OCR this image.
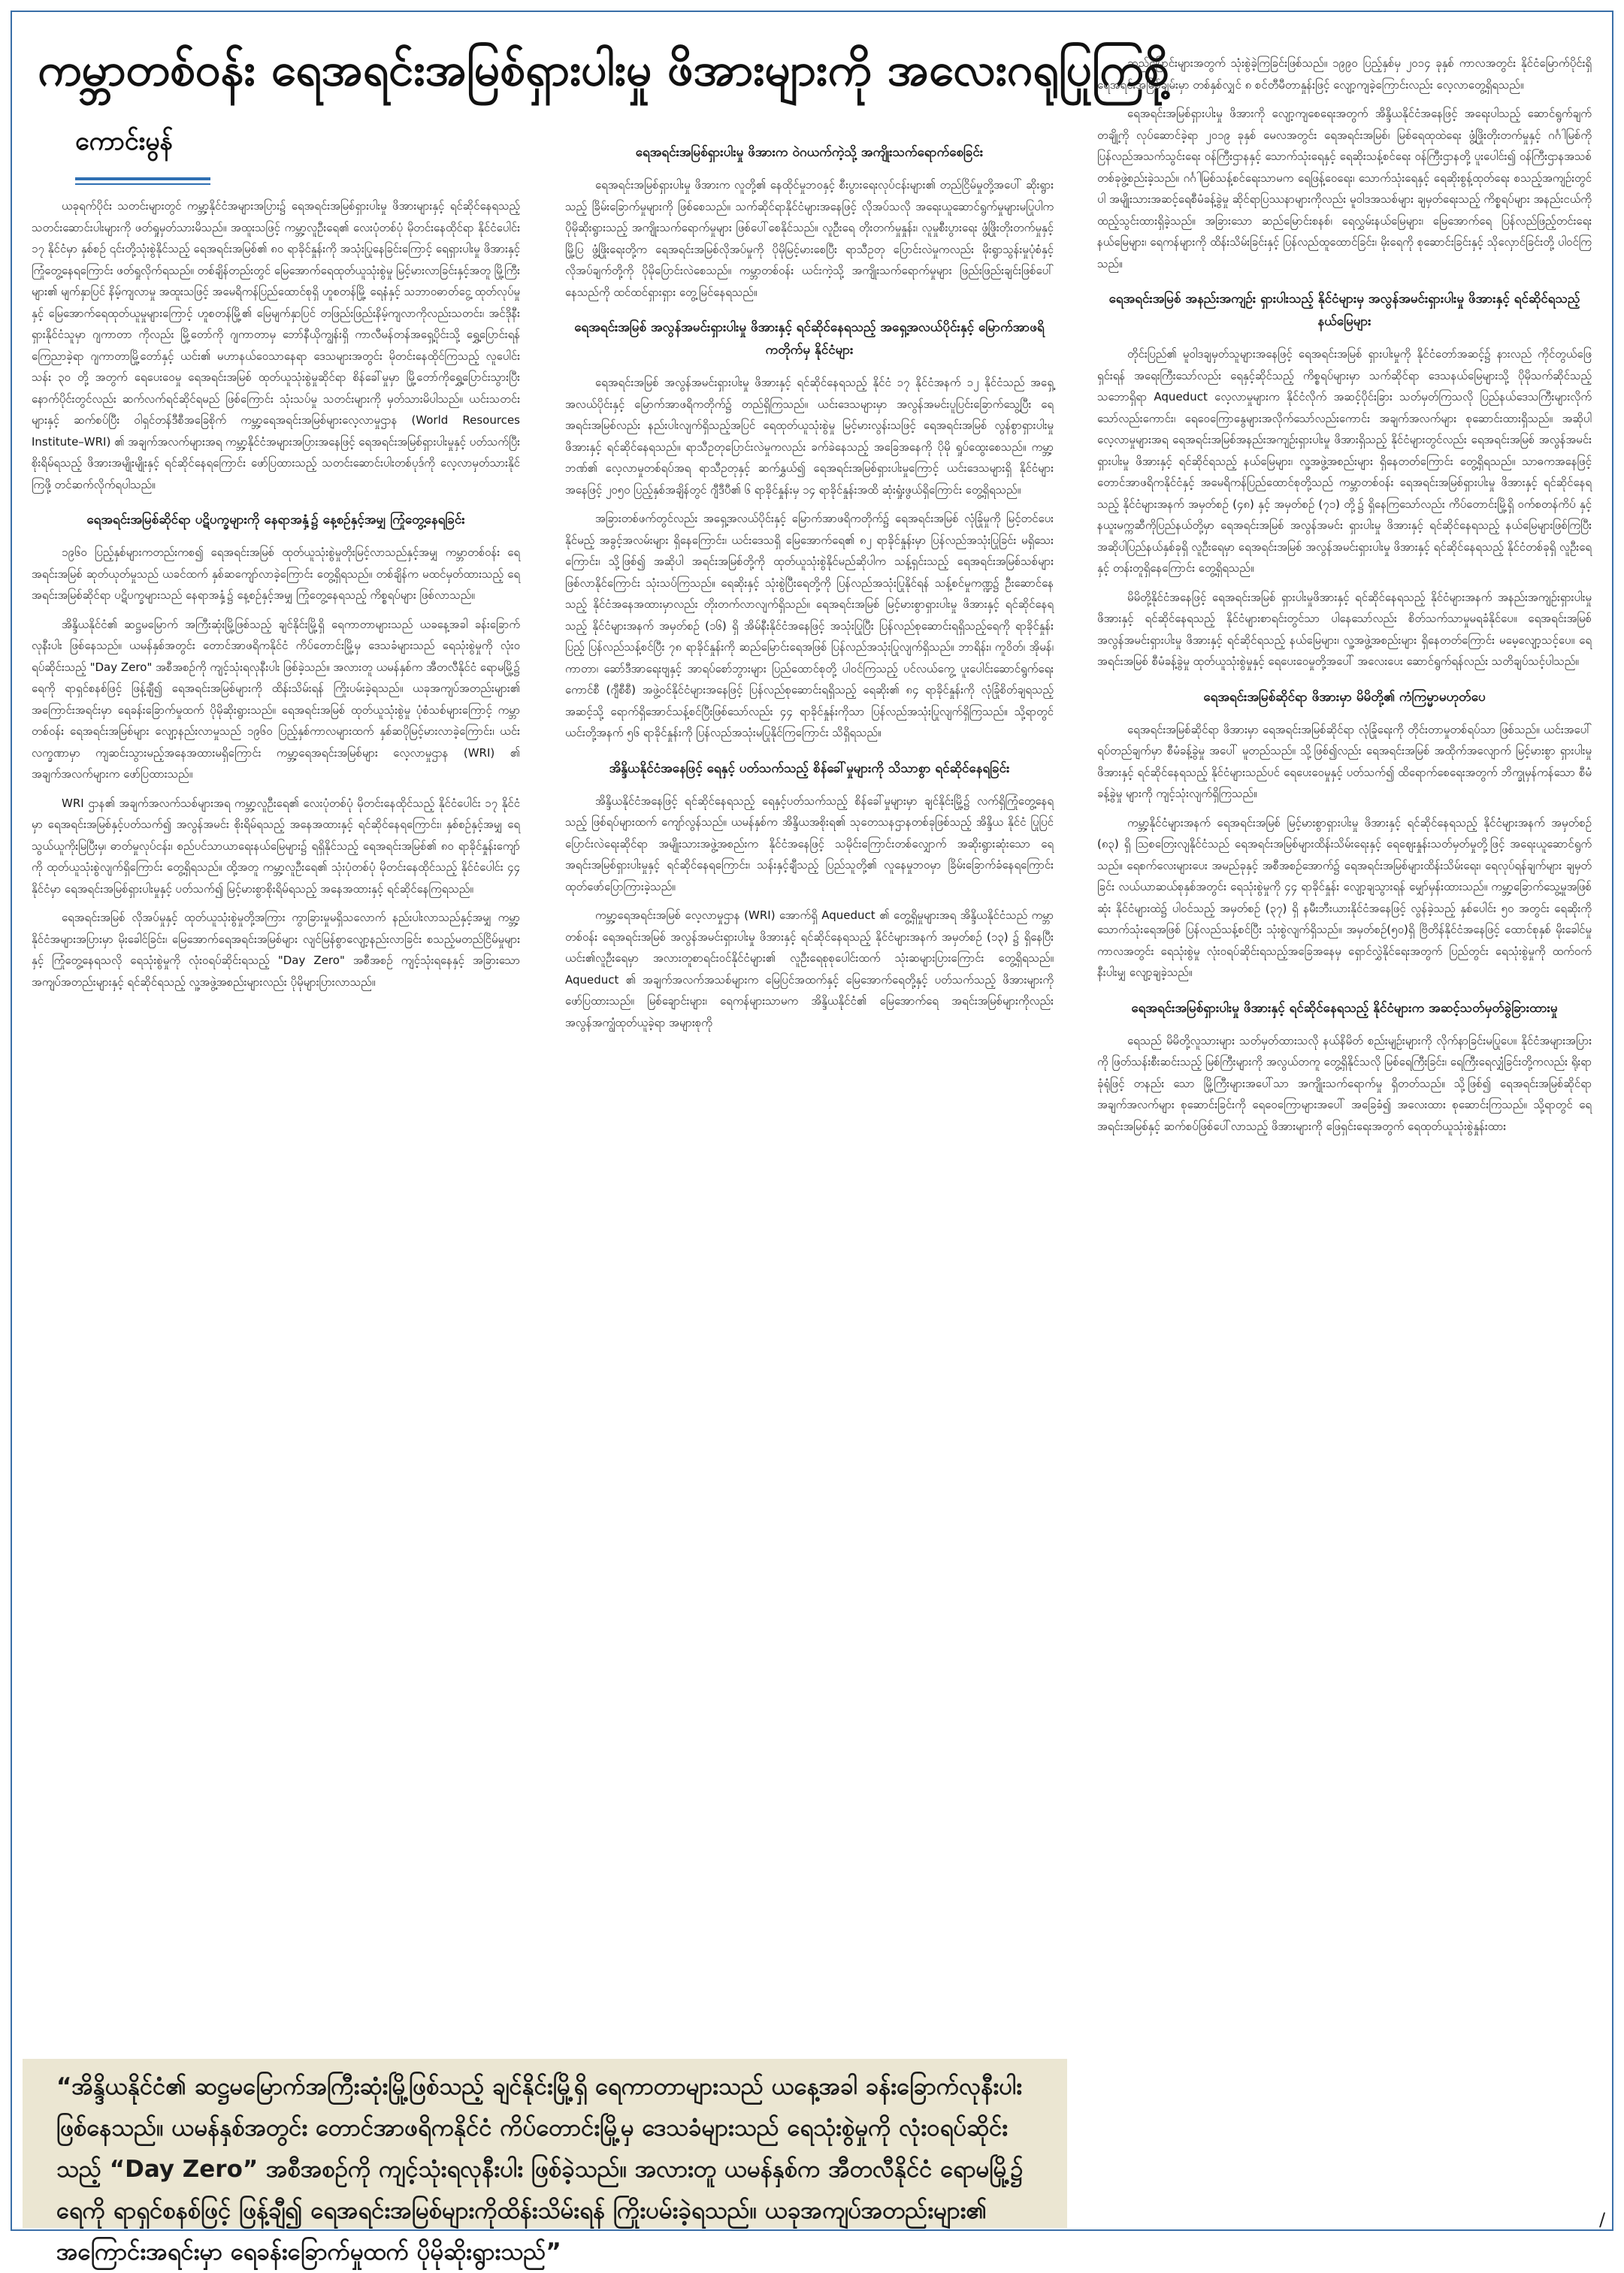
ကမ္ဘာတစ်ဝန်း ရေအရင်းအမြစ်ရှားပါးမှု ဖိအားများကို အလေးဂရုပြုကြစို့
ကောင်းမွန်

ယခုရက်ပိုင်း သတင်းများတွင် ကမ္ဘာ့နိုင်ငံအများအပြား၌ ရေအရင်းအမြစ်ရှားပါးမှု ဖိအားများနှင့် ရင်ဆိုင်နေရသည့် သတင်းဆောင်းပါးများကို ဖတ်ရှုမှတ်သားမိသည်။ အထူးသဖြင့် ကမ္ဘာ့လူဦးရေ၏ လေးပုံတစ်ပုံ မိုတင်းနေထိုင်ရာ နိုင်ငံပေါင်း ၁၇ နိုင်ငံမှာ နှစ်စဉ် ၎င်းတို့သုံးစွဲနိုင်သည့် ရေအရင်းအမြစ်၏ ၈၀ ရာခိုင်နှုန်းကို အသုံးပြုနေခြင်းကြောင့် ရေရှားပါးမှု ဖိအားနှင့် ကြုံတွေ့နေရကြောင်း ဖတ်ရှုလိုက်ရသည်။ တစ်ချိန်တည်းတွင် မြေအောက်ရေထုတ်ယူသုံးစွဲမှု မြင့်မားလာခြင်းနှင့်အတူ မြို့ကြီးများ၏ မျက်နှာပြင် နိမ့်ကျလာမှု အထူးသဖြင့် အမေရိကန်ပြည်ထောင်စုရှိ ဟူစတန်မြို့ ရေနံနှင့် သဘာဝဓာတ်ငွေ့ ထုတ်လုပ်မှုနှင့် မြေအောက်ရေထုတ်ယူမှုများကြောင့် ဟူစတန်မြို့၏ မြေမျက်နှာပြင် တဖြည်းဖြည်းနိမ့်ကျလာကိုလည်းသတင်း၊ အင်ဒိုနီးရှားနိုင်ငံသူမှာ ဂျကာတာ ကိုလည်း မြို့တော်ကို ဂျကာတာမှ ဘော်နီယိုကျွန်းရှိ ကာလီမန်တန်အရှေ့ပိုင်းသို့ ရွှေ့ပြောင်းရန် ကြေညာခဲ့ရာ ဂျကာတာမြို့တော်နှင့် ယင်း၏ မဟာနယ်ဝေသာနေရာ ဒေသများအတွင်း မိုတင်းနေထိုင်ကြသည့် လူပေါင်း သန်း ၃၀ တို့ အတွက် ရေပေးဝေမှု ရေအရင်းအမြစ် ထုတ်ယူသုံးစွဲမှုဆိုင်ရာ စိန်ခေါ်မှုမှာ မြို့တော်ကိုရွှေ့ပြောင်းသွားပြီး နောက်ပိုင်းတွင်လည်း ဆက်လက်ရင်ဆိုင်ရမည် ဖြစ်ကြောင်း သုံးသပ်မှု သတင်းများကို မှတ်သားမိပါသည်။ ယင်းသတင်းများနှင့် ဆက်စပ်ပြီး ဝါရှင်တန်ဒီစီအခြေစိုက် ကမ္ဘာ့ရေအရင်းအမြစ်များလေ့လာမှုဌာန (World Resources Institute–WRI) ၏ အချက်အလက်များအရ ကမ္ဘာ့နိုင်ငံအများအပြားအနေဖြင့် ရေအရင်းအမြစ်ရှားပါးမှုနှင့် ပတ်သက်ပြီး စိုးရိမ်ရသည့် ဖိအားအမျိုးမျိုးနှင့် ရင်ဆိုင်နေရကြောင်း ဖော်ပြထားသည့် သတင်းဆောင်းပါးတစ်ပုဒ်ကို လေ့လာမှတ်သားနိုင်ကြဖို့ တင်ဆက်လိုက်ရပါသည်။

ရေအရင်းအမြစ်ဆိုင်ရာ ပဋိပက္ခများကို နေရာအနှံ့၌ နေ့စဉ်နှင့်အမျှ ကြုံတွေ့နေရခြင်း

၁၉၆၀ ပြည့်နှစ်များကတည်းကစ၍ ရေအရင်းအမြစ် ထုတ်ယူသုံးစွဲမှုတိုးမြင့်လာသည်နှင့်အမျှ ကမ္ဘာတစ်ဝန်း ရေအရင်းအမြစ် ဆုတ်ယုတ်မှုသည် ယခင်ထက် နှစ်ဆကျော်လာခဲ့ကြောင်း တွေ့ရှိရသည်။ တစ်ချိန်က မထင်မှတ်ထားသည့် ရေအရင်းအမြစ်ဆိုင်ရာ ပဋိပက္ခများသည် နေရာအနှံ့၌ နေ့စဉ်နှင့်အမျှ ကြုံတွေ့နေရသည့် ကိစ္စရပ်များ ဖြစ်လာသည်။

အိန္ဒိယနိုင်ငံ၏ ဆဋ္ဌမမြောက် အကြီးဆုံးမြို့ဖြစ်သည့် ချင်နိုင်းမြို့ရှိ ရေကာတာများသည် ယခနေ့အခါ ခန်းခြောက်လုနီးပါး ဖြစ်နေသည်။ ယမန်နှစ်အတွင်း တောင်အာဖရိကနိုင်ငံ ကိပ်တောင်းမြို့မှ ဒေသခံများသည် ရေသုံးစွဲမှုကို လုံးဝရပ်ဆိုင်းသည့် "Day Zero" အစီအစဉ်ကို ကျင့်သုံးရလုနီးပါး ဖြစ်ခဲ့သည်။ အလားတူ ယမန်နှစ်က အီတလီနိုင်ငံ ရောမမြို့၌ ရေကို ရာရှင်စနစ်ဖြင့် ဖြန့်ချီ၍ ရေအရင်းအမြစ်များကို ထိန်းသိမ်းရန် ကြိုးပမ်းခဲ့ရသည်။ ယခုအကျပ်အတည်းများ၏ အကြောင်းအရင်းမှာ ရေခန်းခြောက်မှုထက် ပိုမိုဆိုးရွားသည်။ ရေအရင်းအမြစ် ထုတ်ယူသုံးစွဲမှု ပုံစံသစ်များကြောင့် ကမ္ဘာတစ်ဝန်း ရေအရင်းအမြစ်များ လျော့နည်းလာမှုသည် ၁၉၆၀ ပြည့်နှစ်ကာလများထက် နှစ်ဆပိုမြင့်မားလာခဲ့ကြောင်း၊ ယင်းလက္ခဏာမှာ ကျဆင်းသွားမည့်အနေအထားမရှိကြောင်း ကမ္ဘာ့ရေအရင်းအမြစ်များ လေ့လာမှုဌာန (WRI) ၏ အချက်အလက်များက ဖော်ပြထားသည်။

WRI ဌာန၏ အချက်အလက်သစ်များအရ ကမ္ဘာ့လူဦးရေ၏ လေးပုံတစ်ပုံ မိုတင်းနေထိုင်သည့် နိုင်ငံပေါင်း ၁၇ နိုင်ငံမှာ ရေအရင်းအမြစ်နှင့်ပတ်သက်၍ အလွန်အမင်း စိုးရိမ်ရသည့် အနေအထားနှင့် ရင်ဆိုင်နေရကြောင်း၊ နှစ်စဉ်နှင့်အမျှ ရေသွယ်ယူကိုးမြပြီးမှ၊ ဓာတ်မှုလုပ်ငန်း၊ စည်ပင်သာယာရေးနယ်မြေများ၌ ရရှိနိုင်သည့် ရေအရင်းအမြစ်၏ ၈၀ ရာခိုင်နှုန်းကျော်ကို ထုတ်ယူသုံးစွဲလျက်ရှိကြောင်း တွေ့ရှိရသည်။ ထို့အတူ ကမ္ဘာ့လူဦးရေ၏ သုံးပုံတစ်ပုံ မိုတင်းနေထိုင်သည့် နိုင်ငံပေါင်း ၄၄ နိုင်ငံမှာ ရေအရင်းအမြစ်ရှားပါးမှုနှင့် ပတ်သက်၍ မြင့်မားစွာစိုးရိမ်ရသည့် အနေအထားနှင့် ရင်ဆိုင်နေကြရသည်။

ရေအရင်းအမြစ် လိုအပ်မှုနှင့် ထုတ်ယူသုံးစွဲမှုတို့အကြား ကွာခြားမှုမရှိသလောက် နည်းပါးလာသည်နှင့်အမျှ ကမ္ဘာ့နိုင်ငံအများအပြားမှာ မိုးခေါင်ခြင်း၊ မြေအောက်ရေအရင်းအမြစ်များ လျင်မြန်စွာလျော့နည်းလာခြင်း စသည့်မတည်ငြိမ်မှုများနှင့် ကြုံတွေ့နေရသလို ရေသုံးစွဲမှုကို လုံးဝရပ်ဆိုင်းရသည့် "Day Zero" အစီအစဉ် ကျင့်သုံးရနေနှင့် အခြားသော အကျပ်အတည်းများနှင့် ရင်ဆိုင်ရသည့် လူ့အဖွဲ့အစည်းများလည်း ပိုမိုများပြားလာသည်။

ရေအရင်းအမြစ်ရှားပါးမှု ဖိအားက ဝဲဂယက်ကဲ့သို့ အကျိုးသက်ရောက်စေခြင်း

ရေအရင်းအမြစ်ရှားပါးမှု ဖိအားက လူတို့၏ နေထိုင်မှုဘဝနှင့် စီးပွားရေးလုပ်ငန်းများ၏ တည်ငြိမ်မှုတို့အပေါ် ဆိုးရွားသည့် ခြိမ်းခြောက်မှုများကို ဖြစ်စေသည်။ သက်ဆိုင်ရာနိုင်ငံများအနေဖြင့် လိုအပ်သလို အရေးယူဆောင်ရွက်မှုများမပြုပါက ပိုမိုဆိုးရွားသည့် အကျိုးသက်ရောက်မှုများ ဖြစ်ပေါ်စေနိုင်သည်။ လူဦးရေ တိုးတက်မှုနှုန်း၊ လူမှုစီးပွားရေး ဖွံ့ဖြိုးတိုးတက်မှုနှင့် မြို့ပြ ဖွံ့ဖြိုးရေးတို့က ရေအရင်းအမြစ်လိုအပ်မှုကို ပိုမိုမြင့်မားစေပြီး ရာသီဥတု ပြောင်းလဲမှုကလည်း မိုးရွာသွန်းမှုပုံစံနှင့် လိုအပ်ချက်တို့ကို ပိုမိုပြောင်းလဲစေသည်။ ကမ္ဘာတစ်ဝန်း ယင်းကဲ့သို့ အကျိုးသက်ရောက်မှုများ ဖြည်းဖြည်းချင်းဖြစ်ပေါ်နေသည်ကို ထင်ထင်ရှားရှား တွေ့မြင်နေရသည်။

ရေအရင်းအမြစ် အလွန်အမင်းရှားပါးမှု ဖိအားနှင့် ရင်ဆိုင်နေရသည့် အရှေ့အလယ်ပိုင်းနှင့် မြောက်အာဖရိကတိုက်မှ နိုင်ငံများ

ရေအရင်းအမြစ် အလွန်အမင်းရှားပါးမှု ဖိအားနှင့် ရင်ဆိုင်နေရသည့် နိုင်ငံ ၁၇ နိုင်ငံအနက် ၁၂ နိုင်ငံသည် အရှေ့အလယ်ပိုင်းနှင့် မြောက်အာဖရိကတိုက်၌ တည်ရှိကြသည်။ ယင်းဒေသများမှာ အလွန်အမင်းပူပြင်းခြောက်သွေ့ပြီး ရေအရင်းအမြစ်လည်း နည်းပါးလျက်ရှိသည့်အပြင် ရေထုတ်ယူသုံးစွဲမှု မြင့်မားလွန်းသဖြင့် ရေအရင်းအမြစ် လွန်စွာရှားပါးမှု ဖိအားနှင့် ရင်ဆိုင်နေရသည်။ ရာသီဥတုပြောင်းလဲမှုကလည်း ခက်ခဲနေသည့် အခြေအနေကို ပိုမို ရှုပ်ထွေးစေသည်။ ကမ္ဘာ့ဘဏ်၏ လေ့လာမှုတစ်ရပ်အရ ရာသီဥတုနှင့် ဆက်နွှယ်၍ ရေအရင်းအမြစ်ရှားပါးမှုကြောင့် ယင်းဒေသများရှိ နိုင်ငံများအနေဖြင့် ၂၀၅၀ ပြည့်နှစ်အချိန်တွင် ဂျီဒီပီ၏ ၆ ရာခိုင်နှုန်းမှ ၁၄ ရာခိုင်နှုန်းအထိ ဆုံးရှုံးဖွယ်ရှိကြောင်း တွေ့ရှိရသည်။

အခြားတစ်ဖက်တွင်လည်း အရှေ့အလယ်ပိုင်းနှင့် မြောက်အာဖရိကတိုက်၌ ရေအရင်းအမြစ် လုံခြုံမှုကို မြင့်တင်ပေးနိုင်မည့် အခွင့်အလမ်းများ ရှိနေကြောင်း၊ ယင်းဒေသရှိ မြေအောက်ရေ၏ ၈၂ ရာခိုင်နှုန်းမှာ ပြန်လည်အသုံးပြုခြင်း မရှိသေးကြောင်း၊ သို့ဖြစ်၍ အဆိုပါ အရင်းအမြစ်တို့ကို ထုတ်ယူသုံးစွဲနိုင်မည်ဆိုပါက သန့်ရှင်းသည့် ရေအရင်းအမြစ်သစ်များ ဖြစ်လာနိုင်ကြောင်း သုံးသပ်ကြသည်။ ရေဆိုးနှင့် သုံးစွဲပြီးရေတို့ကို ပြန်လည်အသုံးပြုနိုင်ရန် သန့်စင်မှုကဏ္ဍ၌ ဦးဆောင်နေသည့် နိုင်ငံအနေအထားမှာလည်း တိုးတက်လာလျက်ရှိသည်။ ရေအရင်းအမြစ် မြင့်မားစွာရှားပါးမှု ဖိအားနှင့် ရင်ဆိုင်နေရသည့် နိုင်ငံများအနက် အမှတ်စဉ် (၁၆) ရှိ အိမ်နီးနိုင်ငံအနေဖြင့် အသုံးပြုပြီး ပြန်လည်စုဆောင်းရရှိသည့်ရေကို ရာခိုင်နှုန်းပြည့် ပြန်လည်သန့်စင်ပြီး ၇၈ ရာခိုင်နှုန်းကို ဆည်မြောင်းရေအဖြစ် ပြန်လည်အသုံးပြုလျက်ရှိသည်။ ဘာရိန်း၊ ကူဝိတ်၊ အိုမန်၊ ကာတာ၊ ဆော်ဒီအာရေးဗျနှင့် အာရပ်စော်ဘွားများ ပြည်ထောင်စုတို့ ပါဝင်ကြသည့် ပင်လယ်ကွေ့ ပူးပေါင်းဆောင်ရွက်ရေး ကောင်စီ (ဂျီစီစီ) အဖွဲ့ဝင်နိုင်ငံများအနေဖြင့် ပြန်လည်စုဆောင်းရရှိသည့် ရေဆိုး၏ ၈၄ ရာခိုင်နှုန်းကို လုံခြုံစိတ်ချရသည့်အဆင့်သို့ ရောက်ရှိအောင်သန့်စင်ပြီးဖြစ်သော်လည်း ၄၄ ရာခိုင်နှုန်းကိုသာ ပြန်လည်အသုံးပြုလျက်ရှိကြသည်။ သို့ရာတွင် ယင်းတို့အနက် ၅၆ ရာခိုင်နှုန်းကို ပြန်လည်အသုံးမပြုနိုင်ကြကြောင်း သိရှိရသည်။

အိန္ဒိယနိုင်ငံအနေဖြင့် ရေနှင့် ပတ်သက်သည့် စိန်ခေါ်မှုများကို သိသာစွာ ရင်ဆိုင်နေရခြင်း

အိန္ဒိယနိုင်ငံအနေဖြင့် ရင်ဆိုင်နေရသည့် ရေနှင့်ပတ်သက်သည့် စိန်ခေါ်မှုများမှာ ချင်နိုင်းမြို့၌ လက်ရှိကြုံတွေ့နေရသည့် ဖြစ်ရပ်များထက် ကျော်လွန်သည်။ ယမန်နှစ်က အိန္ဒိယအစိုးရ၏ သုတေသနဌာနတစ်ခုဖြစ်သည့် အိန္ဒိယ နိုင်ငံ ပြုပြင်ပြောင်းလဲရေးဆိုင်ရာ အမျိုးသားအဖွဲ့အစည်းက နိုင်ငံအနေဖြင့် သမိုင်းကြောင်းတစ်လျှောက် အဆိုးရွားဆုံးသော ရေအရင်းအမြစ်ရှားပါးမှုနှင့် ရင်ဆိုင်နေရကြောင်း၊ သန်းနှင့်ချီသည့် ပြည်သူတို့၏ လူနေမှုဘဝမှာ ခြိမ်းခြောက်ခံနေရကြောင်း ထုတ်ဖော်ပြောကြားခဲ့သည်။

ကမ္ဘာ့ရေအရင်းအမြစ် လေ့လာမှုဌာန (WRI) အောက်ရှိ Aqueduct ၏ တွေ့ရှိမှုများအရ အိန္ဒိယနိုင်ငံသည် ကမ္ဘာတစ်ဝန်း ရေအရင်းအမြစ် အလွန်အမင်းရှားပါးမှု ဖိအားနှင့် ရင်ဆိုင်နေရသည့် နိုင်ငံများအနက် အမှတ်စဉ် (၁၃) ၌ ရှိနေပြီး ယင်း၏လူဦးရေမှာ အလားတူစာရင်းဝင်နိုင်ငံများ၏ လူဦးရေစုစုပေါင်းထက် သုံးဆများပြားကြောင်း တွေ့ရှိရသည်။ Aqueduct ၏ အချက်အလက်အသစ်များက မြေပြင်အထက်နှင့် မြေအောက်ရေတို့နှင့် ပတ်သက်သည့် ဖိအားများကို ဖော်ပြထားသည်။ မြစ်ချောင်းများ၊ ရေကန်များသာမက အိန္ဒိယနိုင်ငံ၏ မြေအောက်ရေ အရင်းအမြစ်များကိုလည်း အလွန်အကျွံထုတ်ယူခဲ့ရာ အများစုကို

ဆည်မြောင်းများအတွက် သုံးစွဲခဲ့ကြခြင်းဖြစ်သည်။ ၁၉၉၀ ပြည့်နှစ်မှ ၂၀၁၄ ခုနှစ် ကာလအတွင်း နိုင်ငံမြောက်ပိုင်းရှိ ရေအရင်းအမြစ်ချမ်းမှာ တစ်နှစ်လျှင် ၈ စင်တီမီတာနှုန်းဖြင့် လျော့ကျခဲ့ကြောင်းလည်း လေ့လာတွေ့ရှိရသည်။

ရေအရင်းအမြစ်ရှားပါးမှု ဖိအားကို လျော့ကျစေရေးအတွက် အိန္ဒိယနိုင်ငံအနေဖြင့် အရေးပါသည့် ဆောင်ရွက်ချက်တချို့ကို လုပ်ဆောင်ခဲ့ရာ ၂၀၁၉ ခုနှစ် မေလအတွင်း ရေအရင်းအမြစ်၊ မြစ်ရေထုထဲရေး ဖွံ့ဖြိုးတိုးတက်မှုနှင့် ဂင်္ဂါမြစ်ကို ပြန်လည်အသက်သွင်းရေး ဝန်ကြီးဌာနနှင့် သောက်သုံးရေနှင့် ရေဆိုးသန့်စင်ရေး ဝန်ကြီးဌာနတို့ ပူးပေါင်း၍ ဝန်ကြီးဌာနအသစ်တစ်ခုဖွဲ့စည်းခဲ့သည်။ ဂင်္ဂါမြစ်သန့်စင်ရေးသာမက ရေဖြန့်ဝေရေး၊ သောက်သုံးရေနှင့် ရေဆိုးစွန့်ထုတ်ရေး စသည့်အကျဉ်းတွင်ပါ အမျိုးသားအဆင့်ရေစီမံခန့်ခွဲမှု ဆိုင်ရာပြဿနာများကိုလည်း မူဝါဒအသစ်များ ချမှတ်ရေးသည့် ကိစ္စရပ်များ အနည်းငယ်ကို ထည့်သွင်းထားရှိခဲ့သည်။ အခြားသော ဆည်မြောင်းစနစ်၊ ရေလွှမ်းနယ်မြေများ၊ မြေအောက်ရေ ပြန်လည်ဖြည့်တင်းရေးနယ်မြေများ၊ ရေကန်များကို ထိန်းသိမ်းခြင်းနှင့် ပြန်လည်ထူထောင်ခြင်း၊ မိုးရေကို စုဆောင်းခြင်းနှင့် သိုလှောင်ခြင်းတို့ ပါဝင်ကြသည်။

ရေအရင်းအမြစ် အနည်းအကျဉ်း ရှားပါးသည့် နိုင်ငံများမှ အလွန်အမင်းရှားပါးမှု ဖိအားနှင့် ရင်ဆိုင်ရသည့် နယ်မြေများ

တိုင်းပြည်၏ မူဝါဒချမှတ်သူများအနေဖြင့် ရေအရင်းအမြစ် ရှားပါးမှုကို နိုင်ငံတော်အဆင့်၌ နားလည် ကိုင်တွယ်ဖြေရှင်းရန် အရေးကြီးသော်လည်း ရေနှင့်ဆိုင်သည့် ကိစ္စရပ်များမှာ သက်ဆိုင်ရာ ဒေသနယ်မြေများသို့ ပိုမိုသက်ဆိုင်သည့် သဘောရှိရာ Aqueduct လေ့လာမှုများက နိုင်ငံလိုက် အဆင့်ပိုင်းခြား သတ်မှတ်ကြသလို ပြည်နယ်ဒေသကြီးများလိုက်သော်လည်းကောင်း၊ ရေဝေကြောနွေများအလိုက်သော်လည်းကောင်း အချက်အလက်များ စုဆောင်းထားရှိသည်။ အဆိုပါ လေ့လာမှုများအရ ရေအရင်းအမြစ်အနည်းအကျဉ်းရှားပါးမှု ဖိအားရှိသည့် နိုင်ငံများတွင်လည်း ရေအရင်းအမြစ် အလွန်အမင်းရှားပါးမှု ဖိအားနှင့် ရင်ဆိုင်ရသည့် နယ်မြေများ၊ လူ့အဖွဲ့အစည်းများ ရှိနေတတ်ကြောင်း တွေ့ရှိရသည်။ သာဓကအနေဖြင့် တောင်အာဖရိကနိုင်ငံနှင့် အမေရိကန်ပြည်ထောင်စုတို့သည် ကမ္ဘာတစ်ဝန်း ရေအရင်းအမြစ်ရှားပါးမှု ဖိအားနှင့် ရင်ဆိုင်နေရသည့် နိုင်ငံများအနက် အမှတ်စဉ် (၄၈) နှင့် အမှတ်စဉ် (၇၁) တို့၌ ရှိနေကြသော်လည်း ကိပ်တောင်းမြို့ရှိ ဝက်စတန်ကိပ် နှင့် နယူးမက္ကဆီကိုပြည်နယ်တို့မှာ ရေအရင်းအမြစ် အလွန်အမင်း ရှားပါးမှု ဖိအားနှင့် ရင်ဆိုင်နေရသည့် နယ်မြေများဖြစ်ကြပြီး အဆိုပါပြည်နယ်နှစ်ခုရှိ လူဦးရေမှာ ရေအရင်းအမြစ် အလွန်အမင်းရှားပါးမှု ဖိအားနှင့် ရင်ဆိုင်နေရသည့် နိုင်ငံတစ်ခုရှိ လူဦးရေနှင့် တန်းတူရှိနေကြောင်း တွေ့ရှိရသည်။

မိမိတို့နိုင်ငံအနေဖြင့် ရေအရင်းအမြစ် ရှားပါးမှုဖိအားနှင့် ရင်ဆိုင်နေရသည့် နိုင်ငံများအနက် အနည်းအကျဉ်းရှားပါးမှု ဖိအားနှင့် ရင်ဆိုင်နေရသည့် နိုင်ငံများစာရင်းတွင်သာ ပါနေသော်လည်း စိတ်သက်သာမှုမရခံနိုင်ပေ။ ရေအရင်းအမြစ် အလွန်အမင်းရှားပါးမှု ဖိအားနှင့် ရင်ဆိုင်ရသည့် နယ်မြေများ၊ လူ့အဖွဲ့အစည်းများ ရှိနေတတ်ကြောင်း မမေ့လျော့သင့်ပေ။ ရေအရင်းအမြစ် စီမံခန့်ခွဲမှု ထုတ်ယူသုံးစွဲမှုနှင့် ရေပေးဝေမှုတို့အပေါ် အလေးပေး ဆောင်ရွက်ရန်လည်း သတိချပ်သင့်ပါသည်။

ရေအရင်းအမြစ်ဆိုင်ရာ ဖိအားမှာ မိမိတို့၏ ကံကြမ္မာမဟုတ်ပေ

ရေအရင်းအမြစ်ဆိုင်ရာ ဖိအားမှာ ရေအရင်းအမြစ်ဆိုင်ရာ လုံခြုံရေးကို တိုင်းတာမှုတစ်ရပ်သာ ဖြစ်သည်။ ယင်းအပေါ် ရပ်တည်ချက်မှာ စီမံခန့်ခွဲမှု အပေါ် မူတည်သည်။ သို့ဖြစ်၍လည်း ရေအရင်းအမြစ် အထိုက်အလျောက် မြင့်မားစွာ ရှားပါးမှု ဖိအားနှင့် ရင်ဆိုင်နေရသည့် နိုင်ငံများသည်ပင် ရေပေးဝေမှုနှင့် ပတ်သက်၍ ထိရောက်စေရေးအတွက် ဘိက္ခုမှန်ကန်သော စီမံခန့်ခွဲမှု များကို ကျင့်သုံးလျက်ရှိကြသည်။

ကမ္ဘာ့နိုင်ငံများအနက် ရေအရင်းအမြစ် မြင့်မားစွာရှားပါးမှု ဖိအားနှင့် ရင်ဆိုင်နေရသည့် နိုင်ငံများအနက် အမှတ်စဉ် (၈၃) ရှိ ဩစတြေးလျနိုင်ငံသည် ရေအရင်းအမြစ်များထိန်းသိမ်းရေးနှင့် ရေဈေးနှုန်းသတ်မှတ်မှုတို့ဖြင့် အရေးယူဆောင်ရွက်သည်။ ရေစက်လေးများပေး အမည်ခုနှင့် အစီအစဉ်အောက်၌ ရေအရင်းအမြစ်များထိန်းသိမ်းရေး၊ ရေလုပ်ရန်ချက်များ ချမှတ်ခြင်း လယ်ယာဆယ်စုနှစ်အတွင်း ရေသုံးစွဲမှုကို ၄၄ ရာခိုင်နှုန်း လျော့ချသွားရန် မျှော်မှန်းထားသည်။ ကမ္ဘာ့ခြောက်သွေ့မှုအဖြစ်ဆုံး နိုင်ငံများထဲ၌ ပါဝင်သည့် အမှတ်စဉ် (၃၇) ရှိ နမီးဘီးယားနိုင်ငံအနေဖြင့် လွန်ခဲ့သည့် နှစ်ပေါင်း ၅၀ အတွင်း ရေဆိုးကို သောက်သုံးရေအဖြစ် ပြန်လည်သန့်စင်ပြီး သုံးစွဲလျက်ရှိသည်။ အမှတ်စဉ်(၅၀)ရှိ ဗြိတိန်နိုင်ငံအနေဖြင့် ထောင်စုနှစ် မိုးခေါင်မှု ကာလအတွင်း ရေသုံးစွဲမှု လုံးဝရပ်ဆိုင်းရသည့်အခြေအနေမှ ရှောင်လွှဲနိုင်ရေးအတွက် ပြည်တွင်း ရေသုံးစွဲမှုကို ထက်ဝက်နီးပါးမျှ လျော့ချခဲ့သည်။

ရေအရင်းအမြစ်ရှားပါးမှု ဖိအားနှင့် ရင်ဆိုင်နေရသည့် နိုင်ငံများက အဆင့်သတ်မှတ်ခွဲခြားထားမှု

ရေသည် မိမိတို့လူသားများ သတ်မှတ်ထားသလို နယ်နိမိတ် စည်းမျဉ်းများကို လိုက်နာခြင်းမပြုပေ။ နိုင်ငံအများအပြားကို ဖြတ်သန်းစီးဆင်းသည့် မြစ်ကြီးများကို အလွယ်တကူ တွေ့ရှိနိုင်သလို မြစ်ရေကြီးခြင်း၊ ရေကြီးရေလျှံခြင်းတို့ကလည်း ရိုးရာခုံရုံဖြင့် တနည်း သော မြို့ကြီးများအပေါ်သာ အကျိုးသက်ရောက်မှု ရှိတတ်သည်။ သို့ဖြစ်၍ ရေအရင်းအမြစ်ဆိုင်ရာ အချက်အလက်များ စုဆောင်းခြင်းကို ရေဝေကြောများအပေါ် အခြေခံ၍ အလေးထား စုဆောင်းကြသည်။ သို့ရာတွင် ရေအရင်းအမြစ်နှင့် ဆက်စပ်ဖြစ်ပေါ်လာသည့် ဖိအားများကို ဖြေရှင်းရေးအတွက် ရေထုတ်ယူသုံးစွဲနှုန်းထား

“အိန္ဒိယနိုင်ငံ၏ ဆဋ္ဌမမြောက်အကြီးဆုံးမြို့ဖြစ်သည့် ချင်နိုင်းမြို့ရှိ ရေကာတာများသည် ယနေ့အခါ ခန်းခြောက်လုနီးပါး ဖြစ်နေသည်။ ယမန်နှစ်အတွင်း တောင်အာဖရိကနိုင်ငံ ကိပ်တောင်းမြို့မှ ဒေသခံများသည် ရေသုံးစွဲမှုကို လုံးဝရပ်ဆိုင်းသည့် “Day Zero” အစီအစဉ်ကို ကျင့်သုံးရလုနီးပါး ဖြစ်ခဲ့သည်။ အလားတူ ယမန်နှစ်က အီတလီနိုင်ငံ ရောမမြို့၌ ရေကို ရာရှင်စနစ်ဖြင့် ဖြန့်ချီ၍ ရေအရင်းအမြစ်များကိုထိန်းသိမ်းရန် ကြိုးပမ်းခဲ့ရသည်။ ယခုအကျပ်အတည်းများ၏ အကြောင်းအရင်းမှာ ရေခန်းခြောက်မှုထက် ပိုမိုဆိုးရွားသည်”
/
